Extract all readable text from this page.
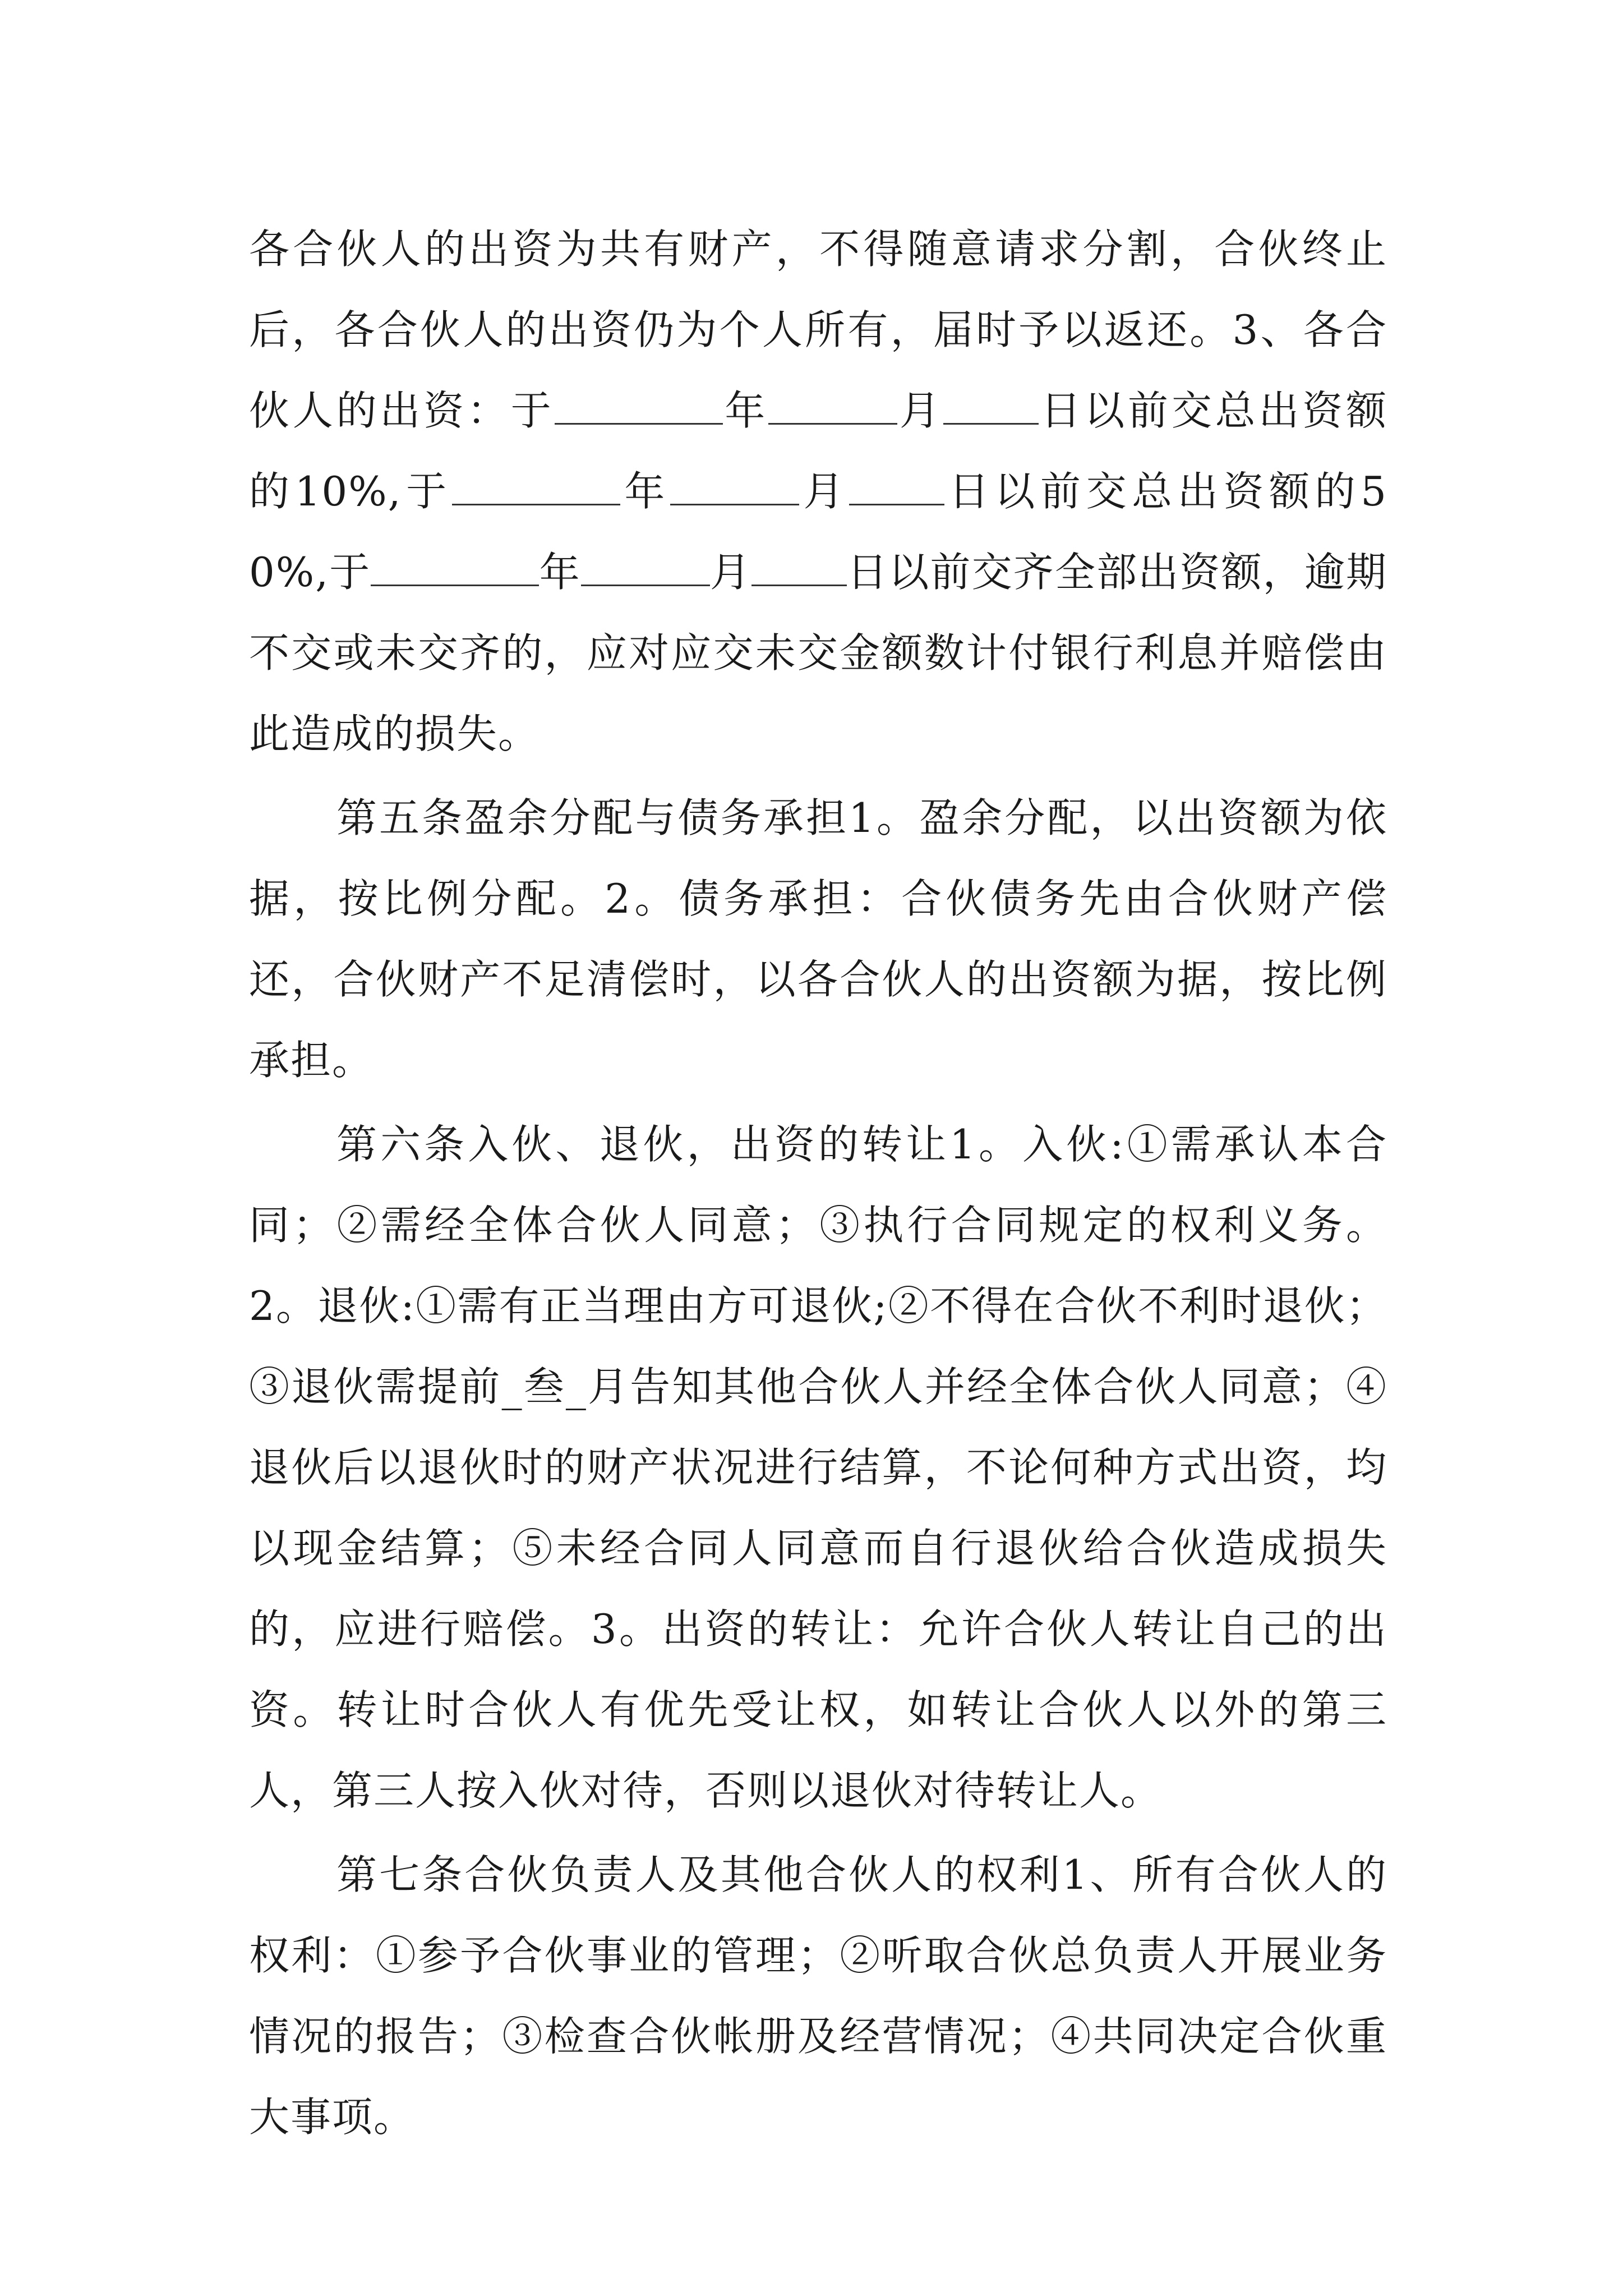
各合伙人的出资为共有财产，不得随意请求分割，合伙终止后，各合伙人的出资仍为个人所有，届时予以返还。3、各合伙人的出资：于	年	月 日以前交总出资额的10%,于	年	月 日以前交总出资额的50%,于	年	月 日以前交齐全部出资额，逾期不交或未交齐的，应对应交未交金额数计付银行利息并赔偿由此造成的损失。

第五条盈余分配与债务承担1。盈余分配，以出资额为依据，按比例分配。2。债务承担：合伙债务先由合伙财产偿还，合伙财产不足清偿时，以各合伙人的出资额为据，按比例承担。

第六条入伙、退伙，出资的转让1。入伙:①需承认本合同；②需经全体合伙人同意；③执行合同规定的权利义务。2。退伙:①需有正当理由方可退伙;②不得在合伙不利时退伙；③退伙需提前_叁_月告知其他合伙人并经全体合伙人同意；④退伙后以退伙时的财产状况进行结算，不论何种方式出资，均以现金结算；⑤未经合同人同意而自行退伙给合伙造成损失的，应进行赔偿。3。出资的转让：允许合伙人转让自己的出资。转让时合伙人有优先受让权，如转让合伙人以外的第三人，第三人按入伙对待，否则以退伙对待转让人。

第七条合伙负责人及其他合伙人的权利1、所有合伙人的权利：①参予合伙事业的管理；②听取合伙总负责人开展业务情况的报告；③检查合伙帐册及经营情况；④共同决定合伙重大事项。
